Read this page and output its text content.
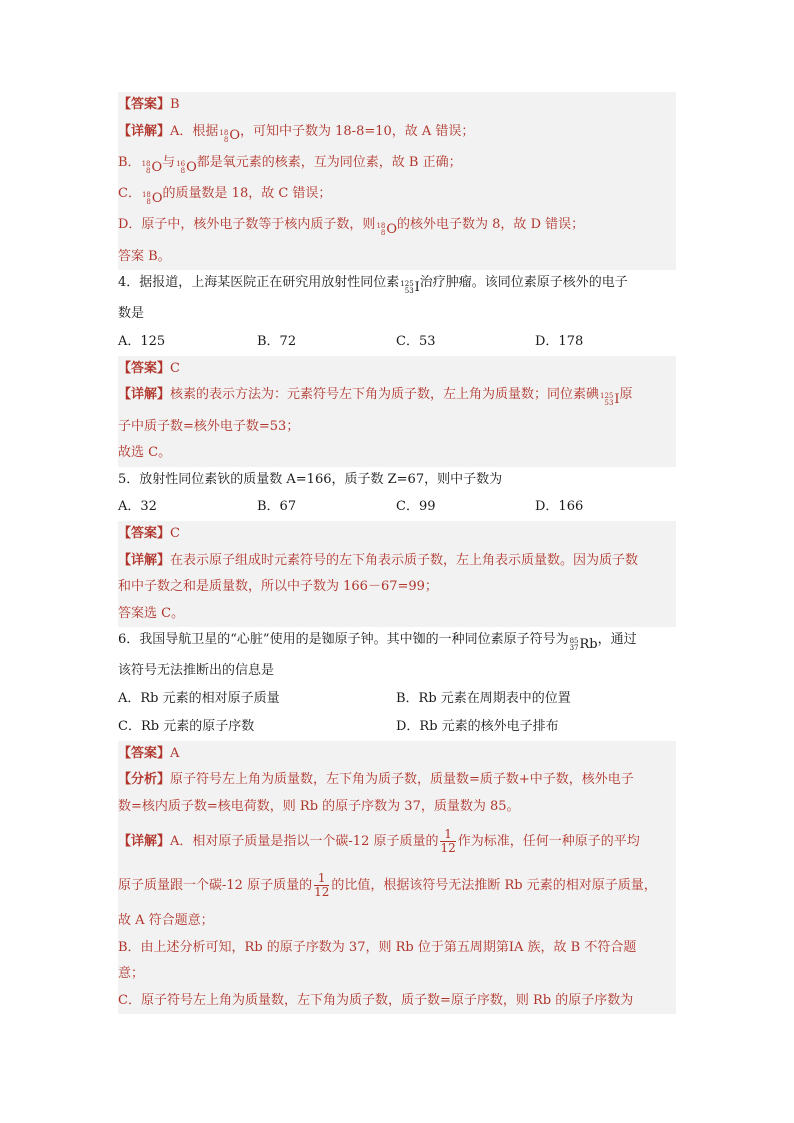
【答案】B
【详解】A．根据 18
8 O ，可知中子数为 18-8=10，故 A 错误；
B． 18
8 O 与 16
8 O 都是氧元素的核素，互为同位素，故 B 正确；
C． 18
8 O 的质量数是 18，故 C 错误；
D．原子中，核外电子数等于核内质子数，则 18
8 O 的核外电子数为 8，故 D 错误；
答案 B。
4．据报道，上海某医院正在研究用放射性同位素 125
53 I 治疗肿瘤。该同位素原子核外的电子
数是
A．125	B．72	C．53	D．178
【答案】C
【详解】核素的表示方法为：元素符号左下角为质子数，左上角为质量数；同位素碘 125
53 I 原
子中质子数=核外电子数=53；
故选 C。
5．放射性同位素钬的质量数 A=166，质子数 Z=67，则中子数为
A．32	B．67	C．99	D．166
【答案】C
【详解】在表示原子组成时元素符号的左下角表示质子数，左上角表示质量数。因为质子数
和中子数之和是质量数，所以中子数为 166－67=99；
答案选 C。
6．我国导航卫星的“心脏”使用的是铷原子钟。其中铷的一种同位素原子符号为 85
37 Rb ，通过
该符号无法推断出的信息是
A．Rb 元素的相对原子质量	B．Rb 元素在周期表中的位置
C．Rb 元素的原子序数	D．Rb 元素的核外电子排布
【答案】A
【分析】原子符号左上角为质量数，左下角为质子数，质量数=质子数+中子数，核外电子
数=核内质子数=核电荷数，则 Rb 的原子序数为 37，质量数为 85。
【详解】A．相对原子质量是指以一个碳-12 原子质量的 $\frac{1}{12}$ 作为标准，任何一种原子的平均
原子质量跟一个碳-12 原子质量的 $\frac{1}{12}$ 的比值，根据该符号无法推断 Rb 元素的相对原子质量，
故 A 符合题意；
B．由上述分析可知，Rb 的原子序数为 37，则 Rb 位于第五周期第ⅠA 族，故 B 不符合题
意；
C．原子符号左上角为质量数，左下角为质子数，质子数=原子序数，则 Rb 的原子序数为
